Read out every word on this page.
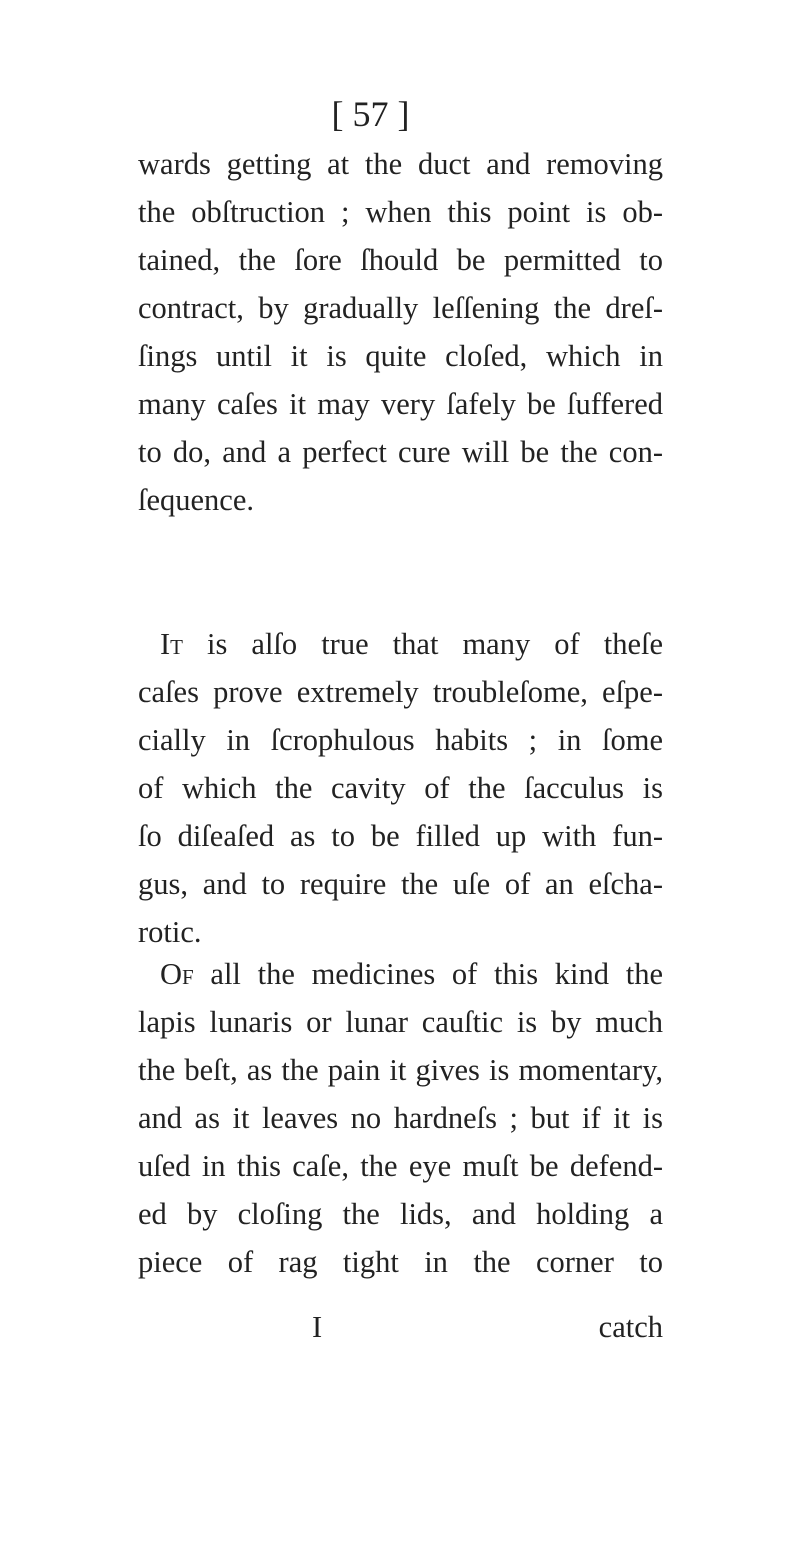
[ 57 ]
wards getting at the duct and removing
the obſtruction ; when this point is ob-
tained, the ſore ſhould be permitted to
contract, by gradually leſſening the dreſ-
ſings until it is quite cloſed, which in
many caſes it may very ſafely be ſuffered
to do, and a perfect cure will be the con-
ſequence.
It is alſo true that many of theſe
caſes prove extremely troubleſome, eſpe-
cially in ſcrophulous habits ; in ſome
of which the cavity of the ſacculus is
ſo diſeaſed as to be filled up with fun-
gus, and to require the uſe of an eſcha-
rotic.
Of all the medicines of this kind the
lapis lunaris or lunar cauſtic is by much
the beſt, as the pain it gives is momentary,
and as it leaves no hardneſs ; but if it is
uſed in this caſe, the eye muſt be defend-
ed by cloſing the lids, and holding a
piece of rag tight in the corner to
I	catch
